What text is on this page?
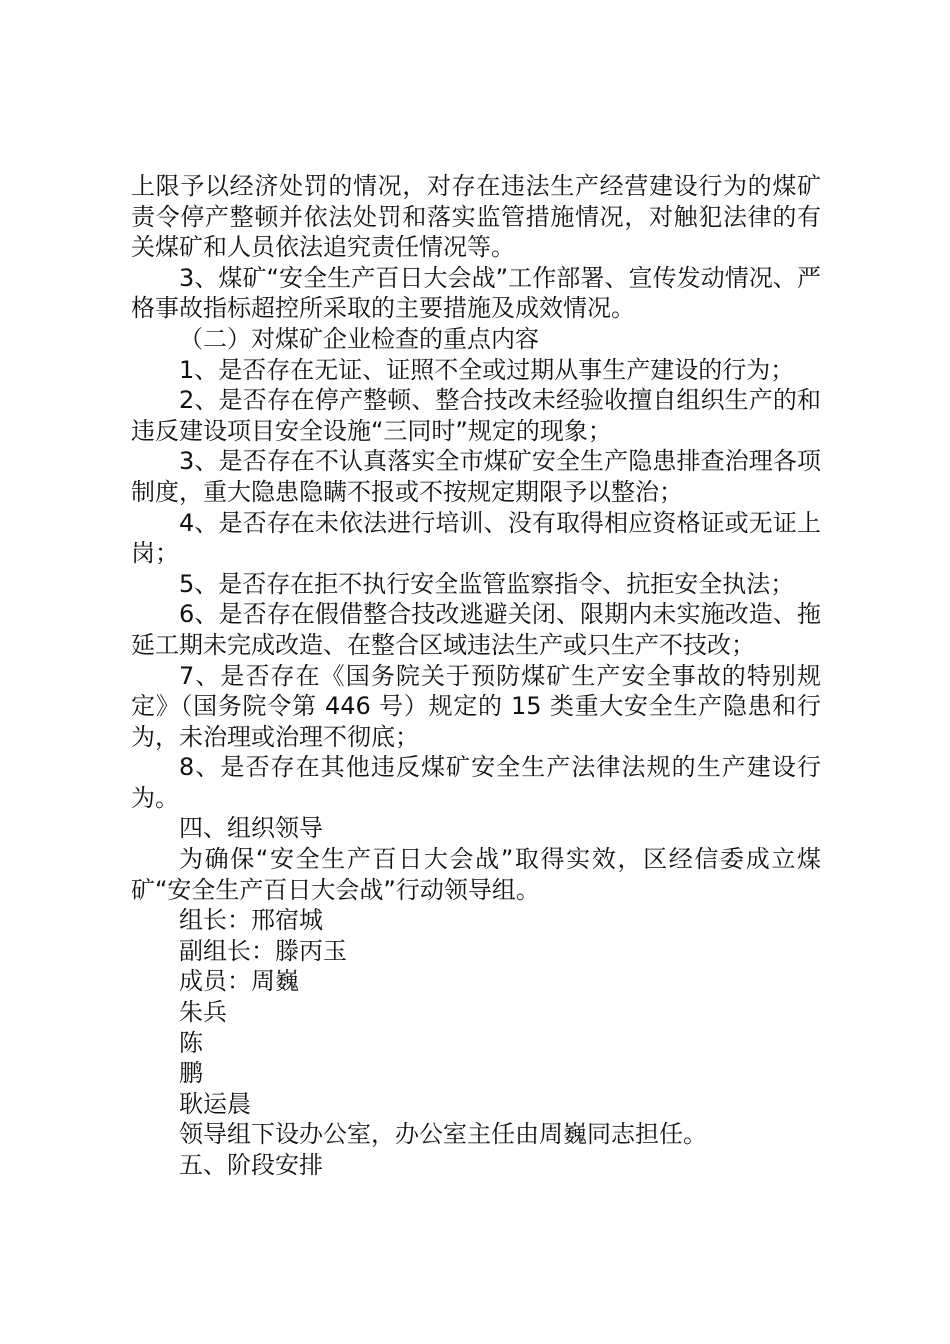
上限予以经济处罚的情况，对存在违法生产经营建设行为的煤矿责令停产整顿并依法处罚和落实监管措施情况，对触犯法律的有关煤矿和人员依法追究责任情况等。

3、煤矿“安全生产百日大会战”工作部署、宣传发动情况、严格事故指标超控所采取的主要措施及成效情况。

（二）对煤矿企业检查的重点内容

1、是否存在无证、证照不全或过期从事生产建设的行为；

2、是否存在停产整顿、整合技改未经验收擅自组织生产的和违反建设项目安全设施“三同时”规定的现象；

3、是否存在不认真落实全市煤矿安全生产隐患排查治理各项制度，重大隐患隐瞒不报或不按规定期限予以整治；

4、是否存在未依法进行培训、没有取得相应资格证或无证上岗；

5、是否存在拒不执行安全监管监察指令、抗拒安全执法；

6、是否存在假借整合技改逃避关闭、限期内未实施改造、拖延工期未完成改造、在整合区域违法生产或只生产不技改；

7、是否存在《国务院关于预防煤矿生产安全事故的特别规定》（国务院令第 446 号）规定的 15 类重大安全生产隐患和行为，未治理或治理不彻底；

8、是否存在其他违反煤矿安全生产法律法规的生产建设行为。

四、组织领导

为确保“安全生产百日大会战”取得实效，区经信委成立煤矿“安全生产百日大会战”行动领导组。

组长：邢宿城

副组长：滕丙玉

成员：周巍

朱兵

陈

鹏

耿运晨

领导组下设办公室，办公室主任由周巍同志担任。

五、阶段安排
